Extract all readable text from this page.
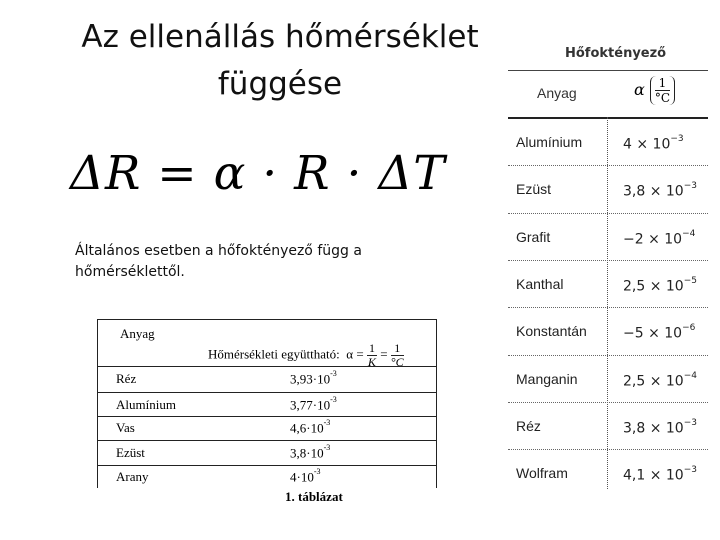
Az ellenállás hőmérséklet
függése
ΔR = α · R · ΔT
Általános esetben a hőfoktényező függ a hőmérséklettől.
Anyag
Hőmérsékleti együttható: $\alpha = \frac{1}{K} = \frac{1}{^\circ C}$
Réz	$3,93\cdot 10^{-3}$
Alumínium	$3,77\cdot 10^{-3}$
Vas	$4,6\cdot 10^{-3}$
Ezüst	$3,8\cdot 10^{-3}$
Arany	$4\cdot 10^{-3}$
1. táblázat
Hőfoktényező
Anyag	α $\frac{1}{^\circ C}$
Alumínium	$4 \times 10^{-3}$
Ezüst	$3,8 \times 10^{-3}$
Grafit	$-2 \times 10^{-4}$
Kanthal	$2,5 \times 10^{-5}$
Konstantán	$-5 \times 10^{-6}$
Manganin	$2,5 \times 10^{-4}$
Réz	$3,8 \times 10^{-3}$
Wolfram	$4,1 \times 10^{-3}$
